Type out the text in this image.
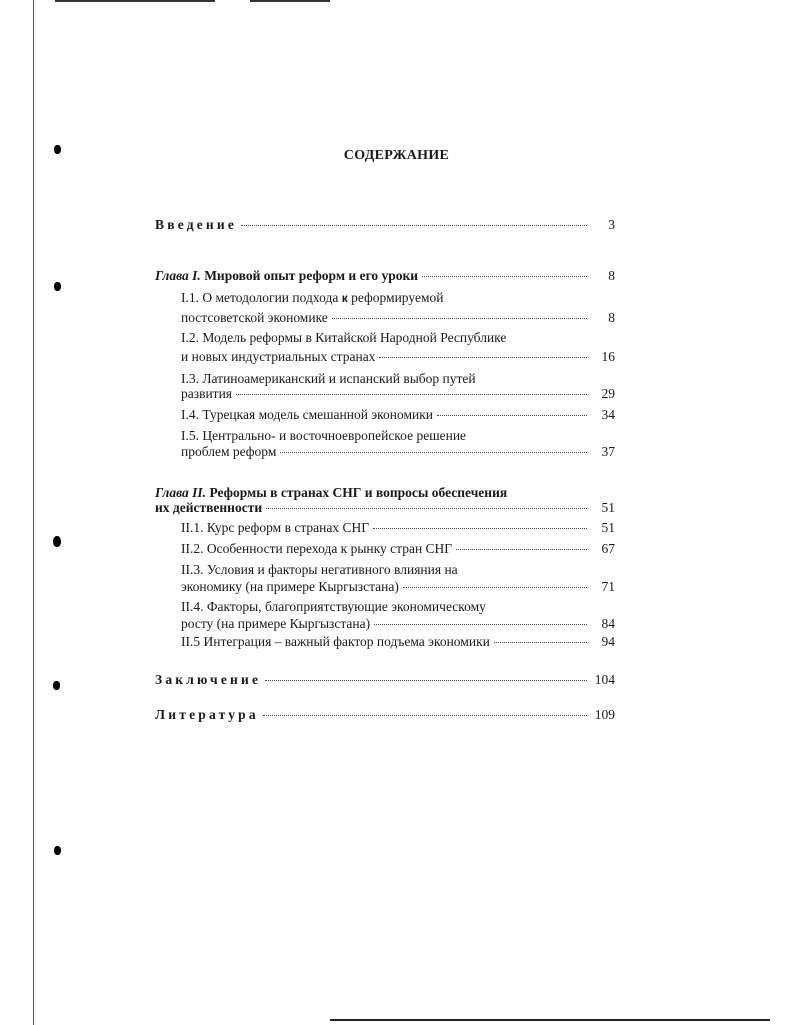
СОДЕРЖАНИЕ
Введение	3
Глава I.
Мировой опыт реформ и его уроки	8
I.1. О методологии подхода
к
реформируемой
постсоветской экономике	8
I.2. Модель реформы в Китайской Народной Республике
и новых индустриальных странах	16
I.3. Латиноамериканский и испанский выбор путей
развития	29
I.4. Турецкая модель смешанной экономики	34
I.5. Центрально- и восточноевропейское решение
проблем реформ	37
Глава II.
Реформы в странах СНГ и вопросы обеспечения
их действенности	51
II.1. Курс реформ в странах СНГ	51
II.2. Особенности перехода к рынку стран СНГ	67
II.3. Условия и факторы негативного влияния на
экономику (на примере Кыргызстана)	71
II.4. Факторы, благоприятствующие экономическому
росту (на примере Кыргызстана)	84
II.5 Интеграция – важный фактор подъема экономики	94
Заключение	104
Литература	109
